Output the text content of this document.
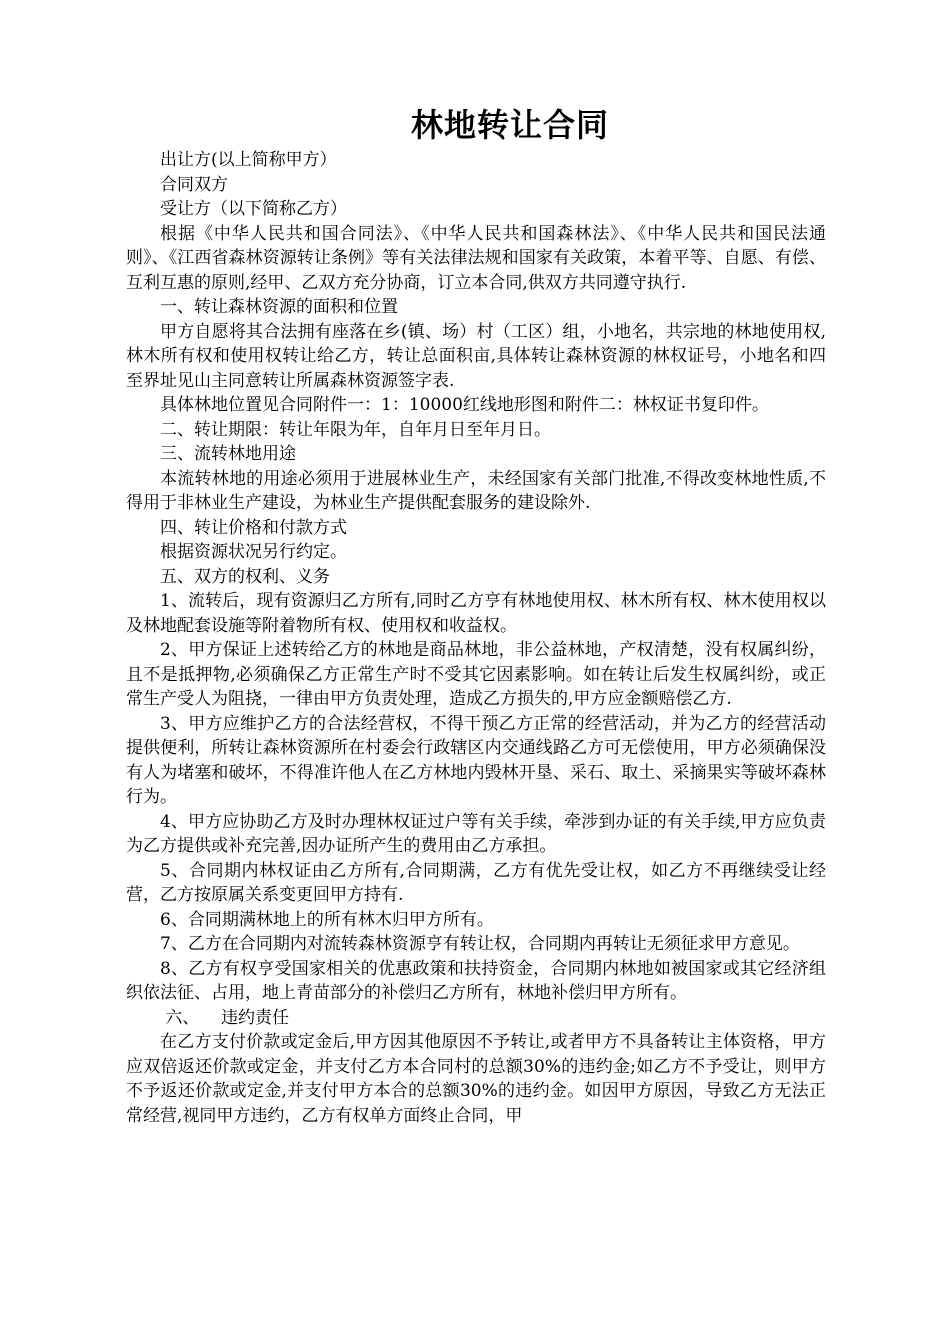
林地转让合同

出让方(以上简称甲方）

合同双方

受让方（以下简称乙方）

根据《中华人民共和国合同法》、《中华人民共和国森林法》、《中华人民共和国民法通则》、《江西省森林资源转让条例》等有关法律法规和国家有关政策，本着平等、自愿、有偿、互利互惠的原则,经甲、乙双方充分协商，订立本合同,供双方共同遵守执行.

一、转让森林资源的面积和位置

甲方自愿将其合法拥有座落在乡(镇、场）村（工区）组，小地名，共宗地的林地使用权,林木所有权和使用权转让给乙方，转让总面积亩,具体转让森林资源的林权证号，小地名和四至界址见山主同意转让所属森林资源签字表.

具体林地位置见合同附件一：1：10000红线地形图和附件二：林权证书复印件。

二、转让期限：转让年限为年，自年月日至年月日。

三、流转林地用途

本流转林地的用途必须用于进展林业生产，未经国家有关部门批准,不得改变林地性质,不得用于非林业生产建设，为林业生产提供配套服务的建设除外.

四、转让价格和付款方式

根据资源状况另行约定。

五、双方的权利、义务

1、流转后，现有资源归乙方所有,同时乙方亨有林地使用权、林木所有权、林木使用权以及林地配套设施等附着物所有权、使用权和收益权。

2、甲方保证上述转给乙方的林地是商品林地，非公益林地，产权清楚，没有权属纠纷，且不是抵押物,必须确保乙方正常生产时不受其它因素影响。如在转让后发生权属纠纷，或正常生产受人为阻挠，一律由甲方负责处理，造成乙方损失的,甲方应金额赔偿乙方.

3、甲方应维护乙方的合法经营权，不得干预乙方正常的经营活动，并为乙方的经营活动提供便利，所转让森林资源所在村委会行政辖区内交通线路乙方可无偿使用，甲方必须确保没有人为堵塞和破坏，不得准许他人在乙方林地内毁林开垦、采石、取土、采摘果实等破坏森林行为。

4、甲方应协助乙方及时办理林权证过户等有关手续，牵涉到办证的有关手续,甲方应负责为乙方提供或补充完善,因办证所产生的费用由乙方承担。

5、合同期内林权证由乙方所有,合同期满，乙方有优先受让权，如乙方不再继续受让经营，乙方按原属关系变更回甲方持有.

6、合同期满林地上的所有林木归甲方所有。

7、乙方在合同期内对流转森林资源亨有转让权，合同期内再转让无须征求甲方意见。

8、乙方有权亨受国家相关的优惠政策和扶持资金，合同期内林地如被国家或其它经济组织依法征、占用，地上青苗部分的补偿归乙方所有，林地补偿归甲方所有。

六、    违约责任

在乙方支付价款或定金后,甲方因其他原因不予转让,或者甲方不具备转让主体资格，甲方应双倍返还价款或定金，并支付乙方本合同村的总额30%的违约金;如乙方不予受让，则甲方不予返还价款或定金,并支付甲方本合的总额30%的违约金。如因甲方原因，导致乙方无法正常经营,视同甲方违约，乙方有权单方面终止合同，甲
